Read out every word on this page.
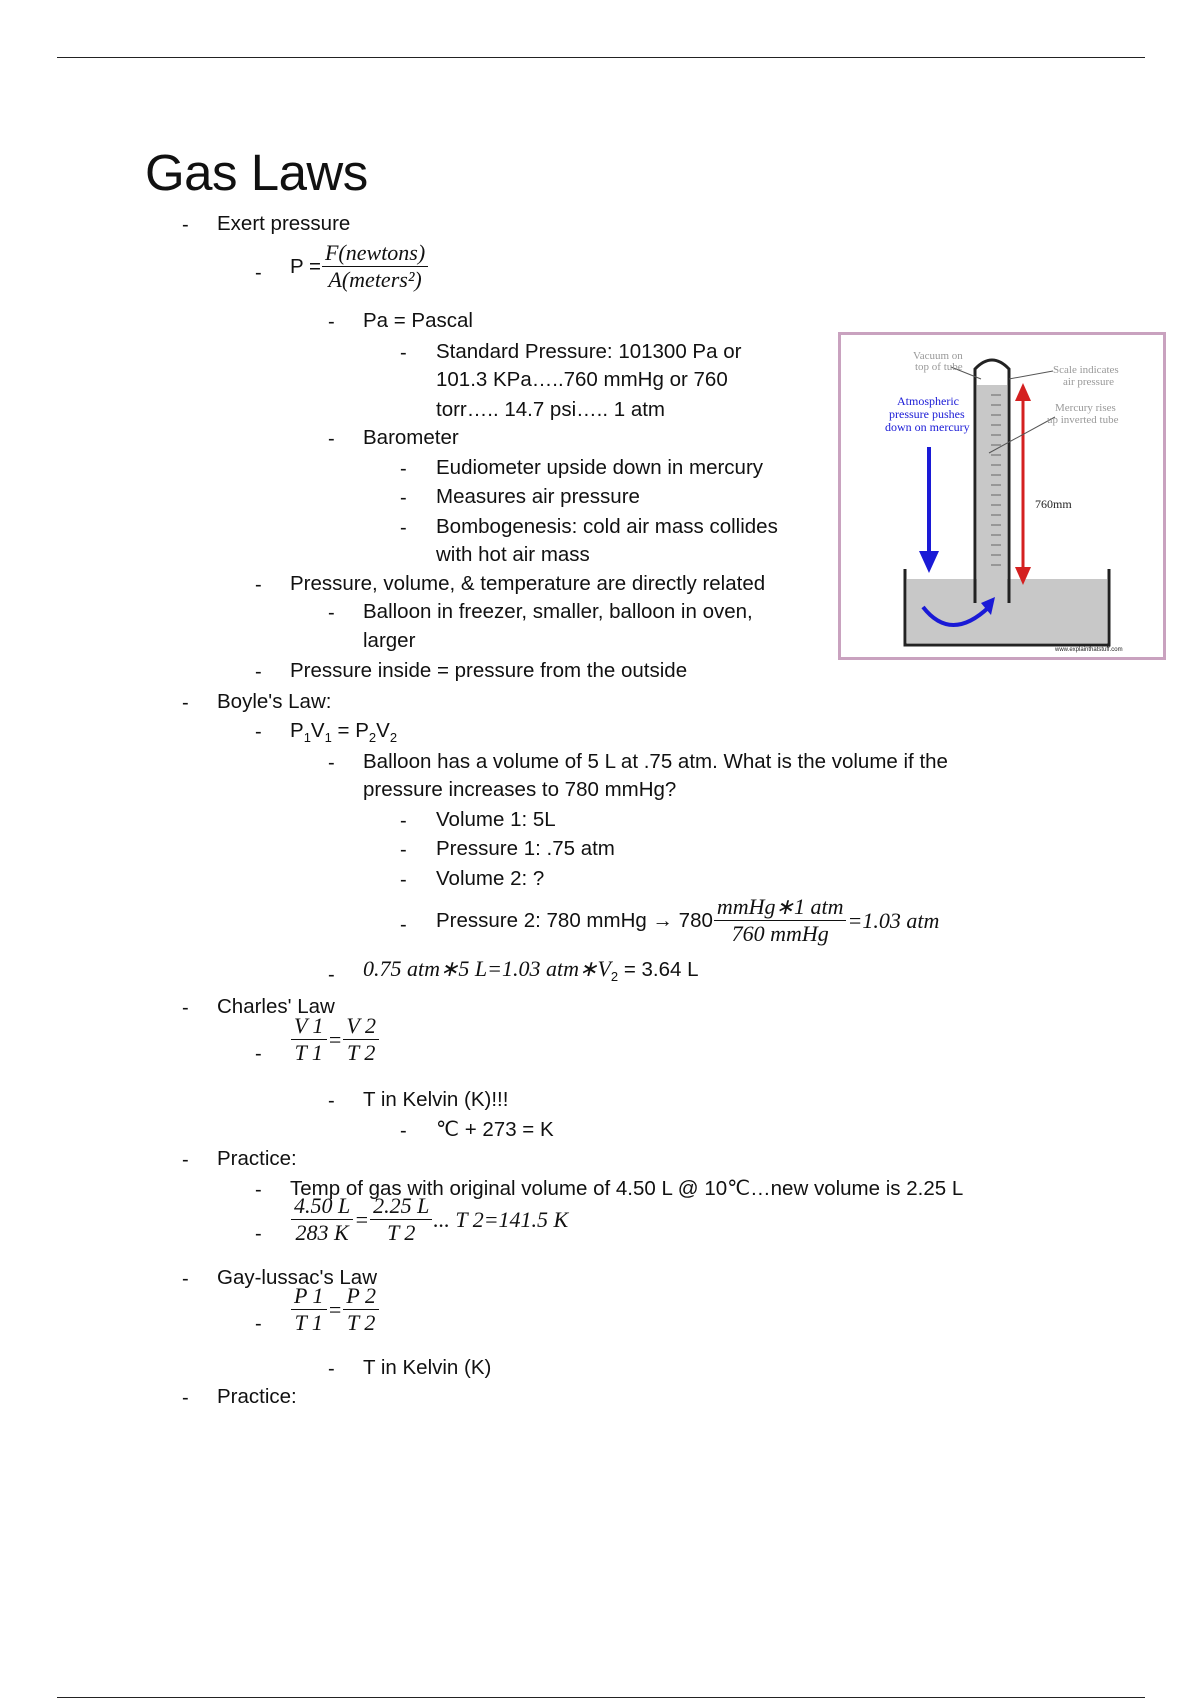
Gas Laws
- Exert pressure
- $P = \frac{\text{F(newtons)}}{\text{A(meters²)}}$
- Pa = Pascal
- Standard Pressure: 101300 Pa or
101.3 KPa…..760 mmHg or 760
torr….. 14.7 psi….. 1 atm
- Barometer
- Eudiometer upside down in mercury
- Measures air pressure
- Bombogenesis: cold air mass collides
with hot air mass
- Pressure, volume, & temperature are directly related
- Balloon in freezer, smaller, balloon in oven,
larger
- Pressure inside = pressure from the outside
- Boyle's Law:
- $P_1V_1 = P_2V_2$
- Balloon has a volume of 5 L at .75 atm. What is the volume if the
pressure increases to 780 mmHg?
- Volume 1: 5L
- Pressure 1: .75 atm
- Volume 2: ?
- Pressure 2: 780 mmHg → $780 \frac{\text{mmHg∗1 atm}}{\text{760 mmHg}} =1.03$ atm
- 0.75 atm∗5 L=1.03 $atm∗V_2 = 3.64$ L
- Charles' Law
- $\frac{V 1}{T 1} = \frac{V 2}{T 2}$
- T in Kelvin (K)!!!
- ℃ + 273 = K
- Practice:
- Temp of gas with original volume of 4.50 L @ 10℃…new volume is 2.25 L
- $\frac{4.50 L}{283 K} = \frac{2.25 L}{T 2}$ ... T 2=141.5 K
- Gay-lussac's Law
- $\frac{P 1}{T 1} = \frac{P 2}{T 2}$
- T in Kelvin (K)
- Practice:
Vacuum on
top of tube
Atmospheric
pressure pushes
down on mercury
Scale indicates
air pressure
Mercury rises
up inverted tube
760mm
www.explainthatstuff.com
